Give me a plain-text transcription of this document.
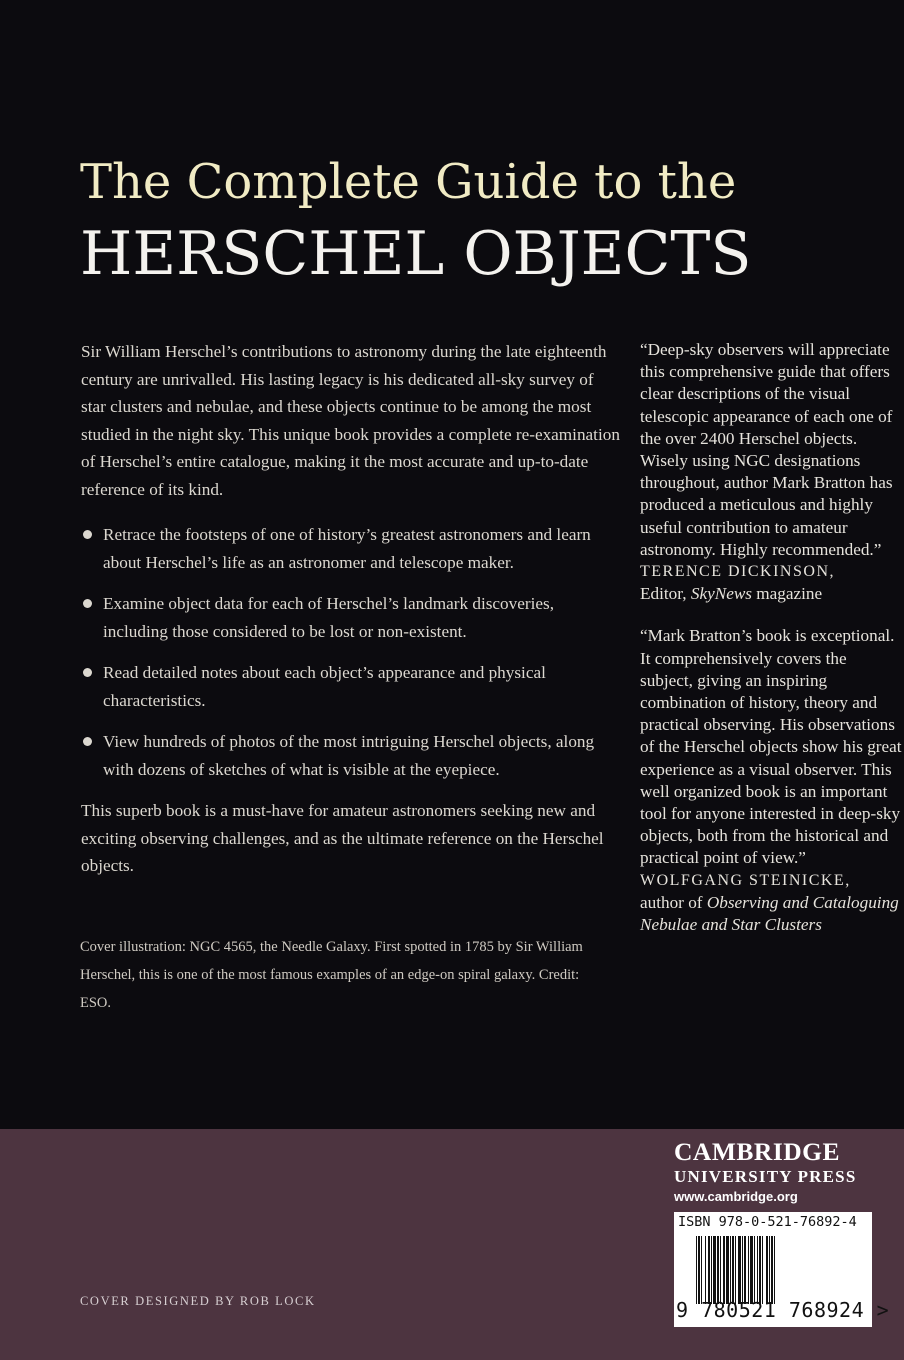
The Complete Guide to the
HERSCHEL OBJECTS

Sir William Herschel’s contributions to astronomy during the late eighteenth century are unrivalled. His lasting legacy is his dedicated all-sky survey of star clusters and nebulae, and these objects continue to be among the most studied in the night sky. This unique book provides a complete re-examination of Herschel’s entire catalogue, making it the most accurate and up-to-date reference of its kind.

Retrace the footsteps of one of history’s greatest astronomers and learn about Herschel’s life as an astronomer and telescope maker.
Examine object data for each of Herschel’s landmark discoveries, including those considered to be lost or non-existent.
Read detailed notes about each object’s appearance and physical characteristics.
View hundreds of photos of the most intriguing Herschel objects, along with dozens of sketches of what is visible at the eyepiece.

This superb book is a must-have for amateur astronomers seeking new and exciting observing challenges, and as the ultimate reference on the Herschel objects.

Cover illustration: NGC 4565, the Needle Galaxy. First spotted in 1785 by Sir William Herschel, this is one of the most famous examples of an edge-on spiral galaxy. Credit: ESO.

“Deep-sky observers will appreciate this comprehensive guide that offers clear descriptions of the visual telescopic appearance of each one of the over 2400 Herschel objects. Wisely using NGC designations throughout, author Mark Bratton has produced a meticulous and highly useful contribution to amateur astronomy. Highly recommended.”

TERENCE DICKINSON,

Editor, SkyNews magazine

“Mark Bratton’s book is exceptional. It comprehensively covers the subject, giving an inspiring combination of history, theory and practical observing. His observations of the Herschel objects show his great experience as a visual observer. This well organized book is an important tool for anyone interested in deep-sky objects, both from the historical and practical point of view.”

WOLFGANG STEINICKE,

author of Observing and Cataloguing Nebulae and Star Clusters

CAMBRIDGE
UNIVERSITY PRESS
www.cambridge.org
ISBN 978-0-521-76892-4
9 780521 768924 >
COVER DESIGNED BY ROB LOCK
